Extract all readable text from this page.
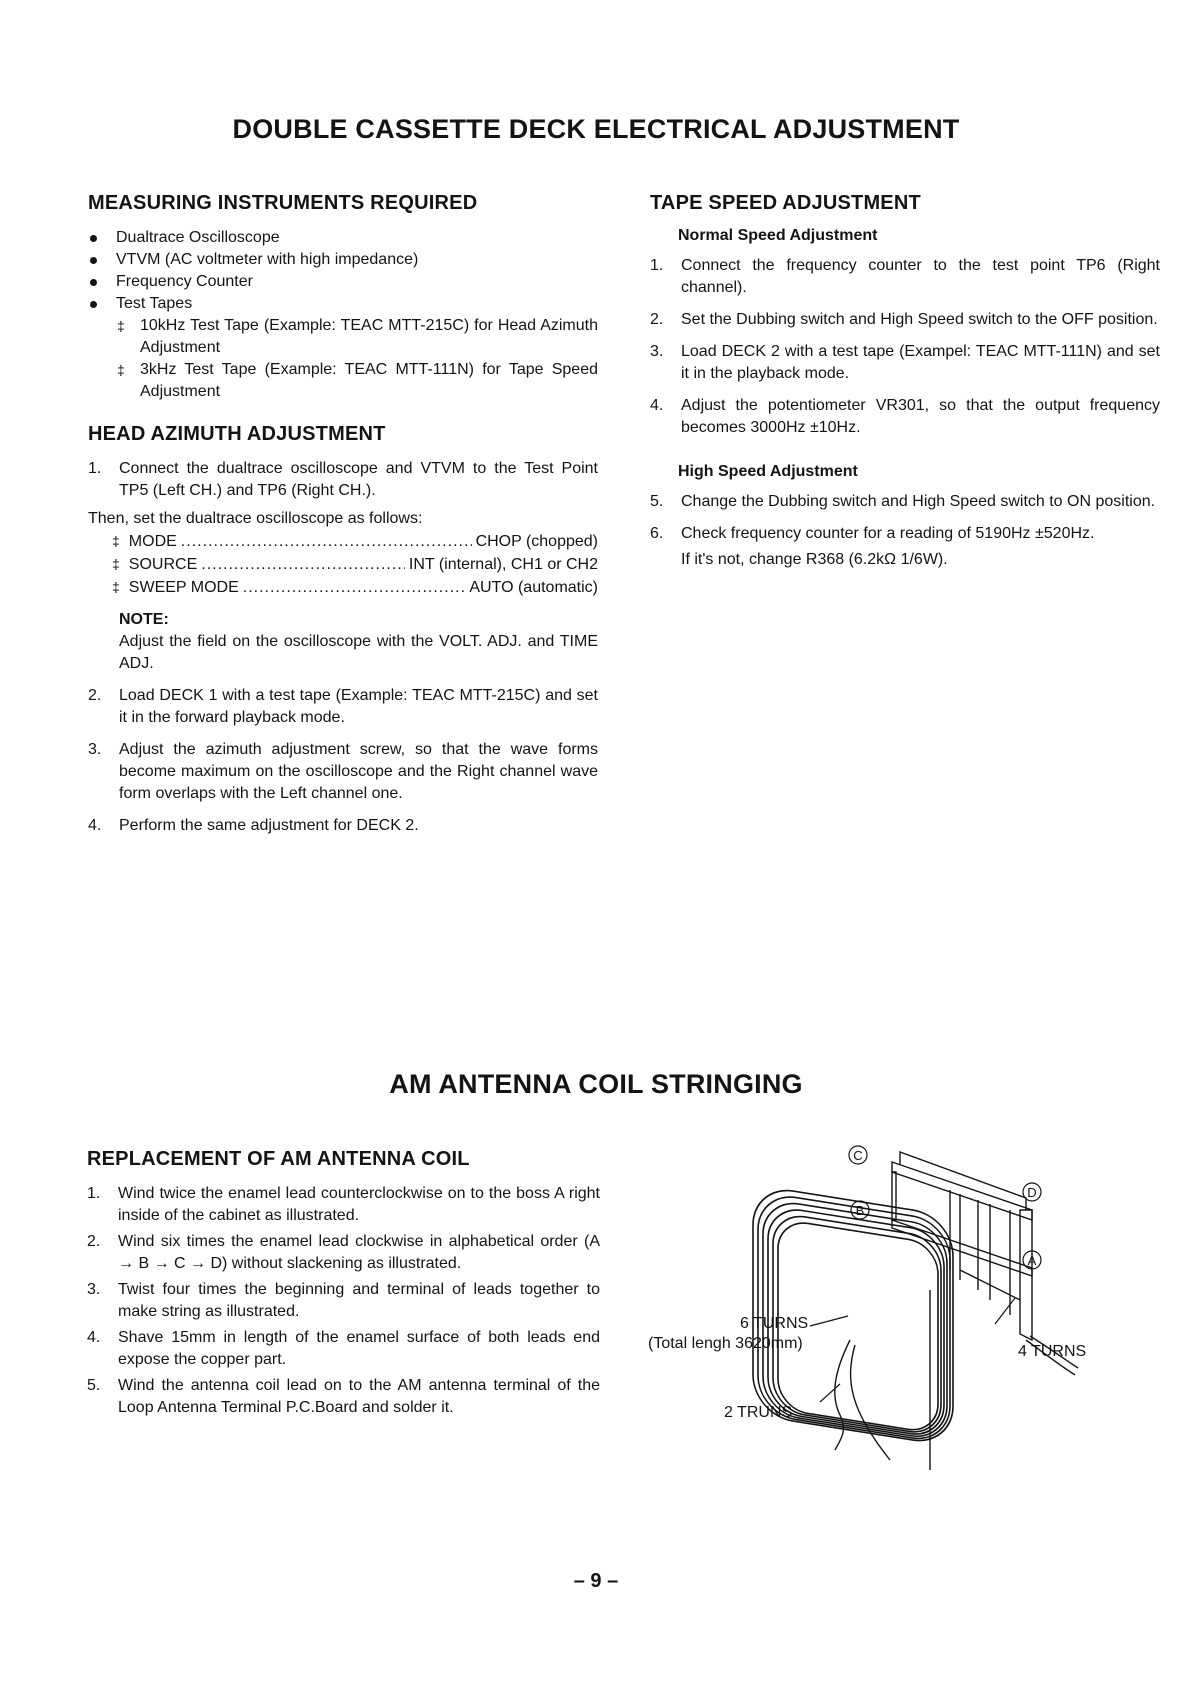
DOUBLE CASSETTE DECK ELECTRICAL ADJUSTMENT
MEASURING INSTRUMENTS REQUIRED
Dualtrace Oscilloscope
VTVM (AC voltmeter with high impedance)
Frequency Counter
Test Tapes
‡ 10kHz Test Tape (Example: TEAC MTT-215C) for Head Azimuth Adjustment
‡ 3kHz Test Tape (Example: TEAC MTT-111N) for Tape Speed Adjustment
HEAD AZIMUTH ADJUSTMENT
1. Connect the dualtrace oscilloscope and VTVM to the Test Point TP5 (Left CH.) and TP6 (Right CH.).
Then, set the dualtrace oscilloscope as follows:
‡ MODE .....	CHOP (chopped)
‡ SOURCE .....	INT (internal), CH1 or CH2
‡ SWEEP MODE .....	AUTO (automatic)
NOTE:
Adjust the field on the oscilloscope with the VOLT. ADJ. and TIME ADJ.
2. Load DECK 1 with a test tape (Example: TEAC MTT-215C) and set it in the forward playback mode.
3. Adjust the azimuth adjustment screw, so that the wave forms become maximum on the oscilloscope and the Right channel wave form overlaps with the Left channel one.
4. Perform the same adjustment for DECK 2.
TAPE SPEED ADJUSTMENT
Normal Speed Adjustment
1. Connect the frequency counter to the test point TP6 (Right channel).
2. Set the Dubbing switch and High Speed switch to the OFF position.
3. Load DECK 2 with a test tape (Exampel: TEAC MTT-111N) and set it in the playback mode.
4. Adjust the potentiometer VR301, so that the output frequency becomes 3000Hz ±10Hz.
High Speed Adjustment
5. Change the Dubbing switch and High Speed switch to ON position.
6. Check frequency counter for a reading of 5190Hz ±520Hz.
If it's not, change R368 (6.2kΩ 1/6W).
AM ANTENNA COIL STRINGING
REPLACEMENT OF AM ANTENNA COIL
1. Wind twice the enamel lead counterclockwise on to the boss A right inside of the cabinet as illustrated.
2. Wind six times the enamel lead clockwise in alphabetical order (A → B → C → D) without slackening as illustrated.
3. Twist four times the beginning and terminal of leads together to make string as illustrated.
4. Shave 15mm in length of the enamel surface of both leads end expose the copper part.
5. Wind the antenna coil lead on to the AM antenna terminal of the Loop Antenna Terminal P.C.Board and solder it.
C
B
D
A
6 TURNS
(Total lengh 3620mm)	4 TURNS
2 TRUNS
– 9 –
